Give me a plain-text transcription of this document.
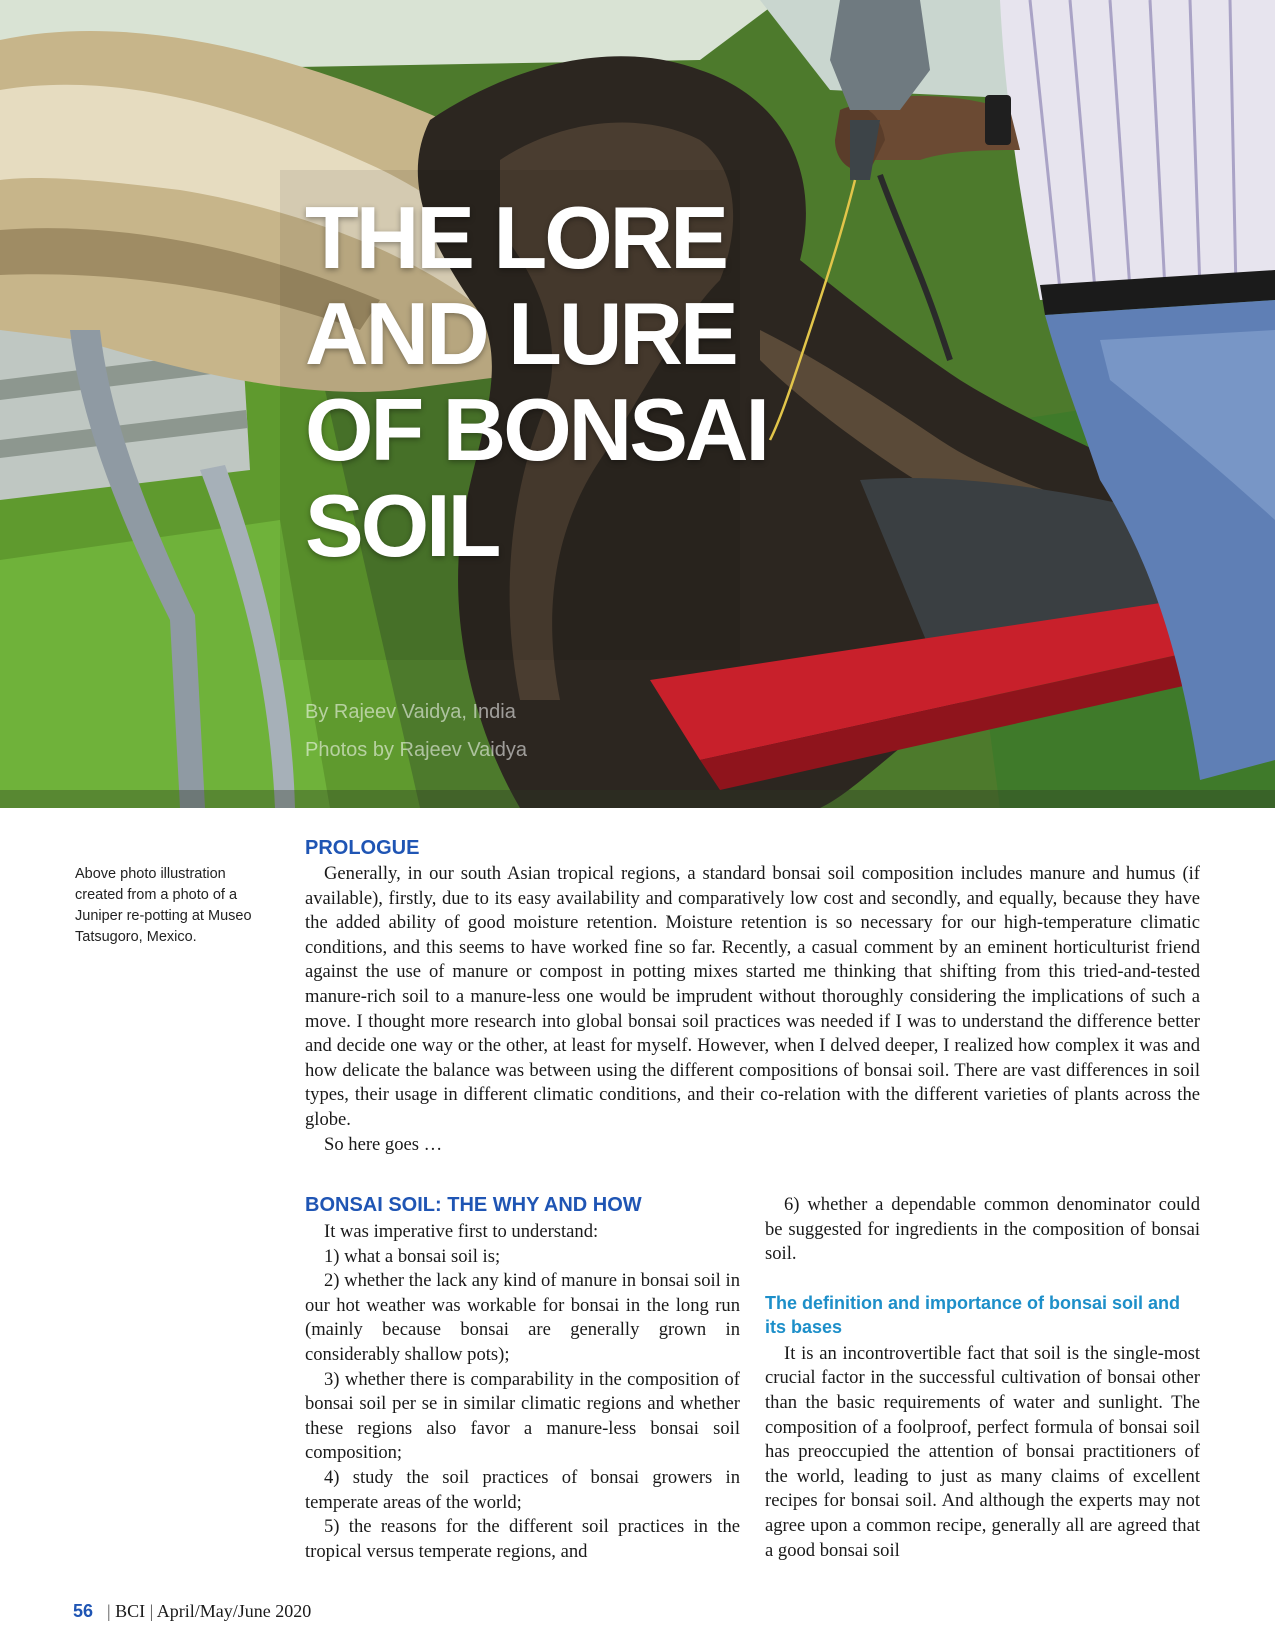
THE LORE
AND LURE
OF BONSAI
SOIL
By Rajeev Vaidya, India
Photos by Rajeev Vaidya
Above photo illustration created from a photo of a Juniper re-potting at Museo Tatsugoro, Mexico.
PROLOGUE

Generally, in our south Asian tropical regions, a standard bonsai soil composition includes manure and humus (if available), firstly, due to its easy availability and comparatively low cost and secondly, and equally, because they have the added ability of good moisture retention. Moisture retention is so necessary for our high-temperature climatic conditions, and this seems to have worked fine so far. Recently, a casual comment by an eminent horticulturist friend against the use of manure or compost in potting mixes started me thinking that shifting from this tried-and-tested manure-rich soil to a manure-less one would be imprudent without thoroughly considering the implications of such a move. I thought more research into global bonsai soil practices was needed if I was to understand the difference better and decide one way or the other, at least for myself. However, when I delved deeper, I realized how complex it was and how delicate the balance was between using the different compositions of bonsai soil. There are vast differences in soil types, their usage in different climatic conditions, and their co-relation with the different varieties of plants across the globe.

So here goes …

BONSAI SOIL: THE WHY AND HOW

It was imperative first to understand:

1) what a bonsai soil is;

2) whether the lack any kind of manure in bonsai soil in our hot weather was workable for bonsai in the long run (mainly because bonsai are generally grown in considerably shallow pots);

3) whether there is comparability in the composition of bonsai soil per se in similar climatic regions and whether these regions also favor a manure-less bonsai soil composition;

4) study the soil practices of bonsai growers in temperate areas of the world;

5) the reasons for the different soil practices in the tropical versus temperate regions, and

6) whether a dependable common denominator could be suggested for ingredients in the composition of bonsai soil.

The definition and importance of bonsai soil and its bases

It is an incontrovertible fact that soil is the single-most crucial factor in the successful cultivation of bonsai other than the basic requirements of water and sunlight. The composition of a foolproof, perfect formula of bonsai soil has preoccupied the attention of bonsai practitioners of the world, leading to just as many claims of excellent recipes for bonsai soil. And although the experts may not agree upon a common recipe, generally all are agreed that a good bonsai soil

56 | BCI | April/May/June 2020
